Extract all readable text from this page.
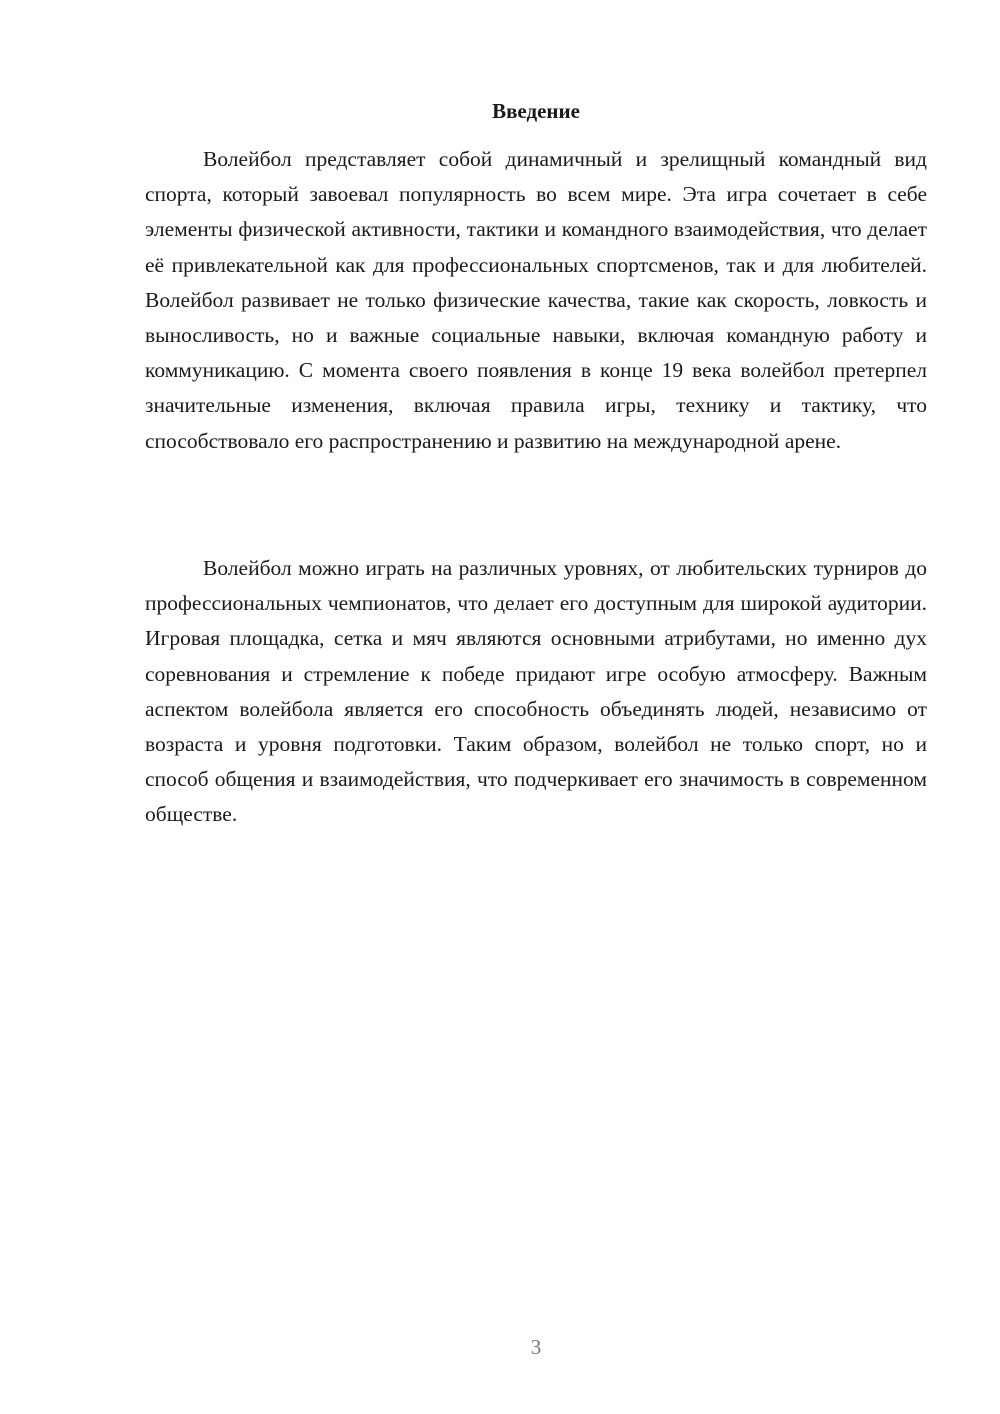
Введение

Волейбол представляет собой динамичный и зрелищный командный вид спорта, который завоевал популярность во всем мире. Эта игра сочетает в себе элементы физической активности, тактики и командного взаимодействия, что делает её привлекательной как для профессиональных спортсменов, так и для любителей. Волейбол развивает не только физические качества, такие как скорость, ловкость и выносливость, но и важные социальные навыки, включая командную работу и коммуникацию. С момента своего появления в конце 19 века волейбол претерпел значительные изменения, включая правила игры, технику и тактику, что способствовало его распространению и развитию на международной арене.

Волейбол можно играть на различных уровнях, от любительских турниров до профессиональных чемпионатов, что делает его доступным для широкой аудитории. Игровая площадка, сетка и мяч являются основными атрибутами, но именно дух соревнования и стремление к победе придают игре особую атмосферу. Важным аспектом волейбола является его способность объединять людей, независимо от возраста и уровня подготовки. Таким образом, волейбол не только спорт, но и способ общения и взаимодействия, что подчеркивает его значимость в современном обществе.

3
